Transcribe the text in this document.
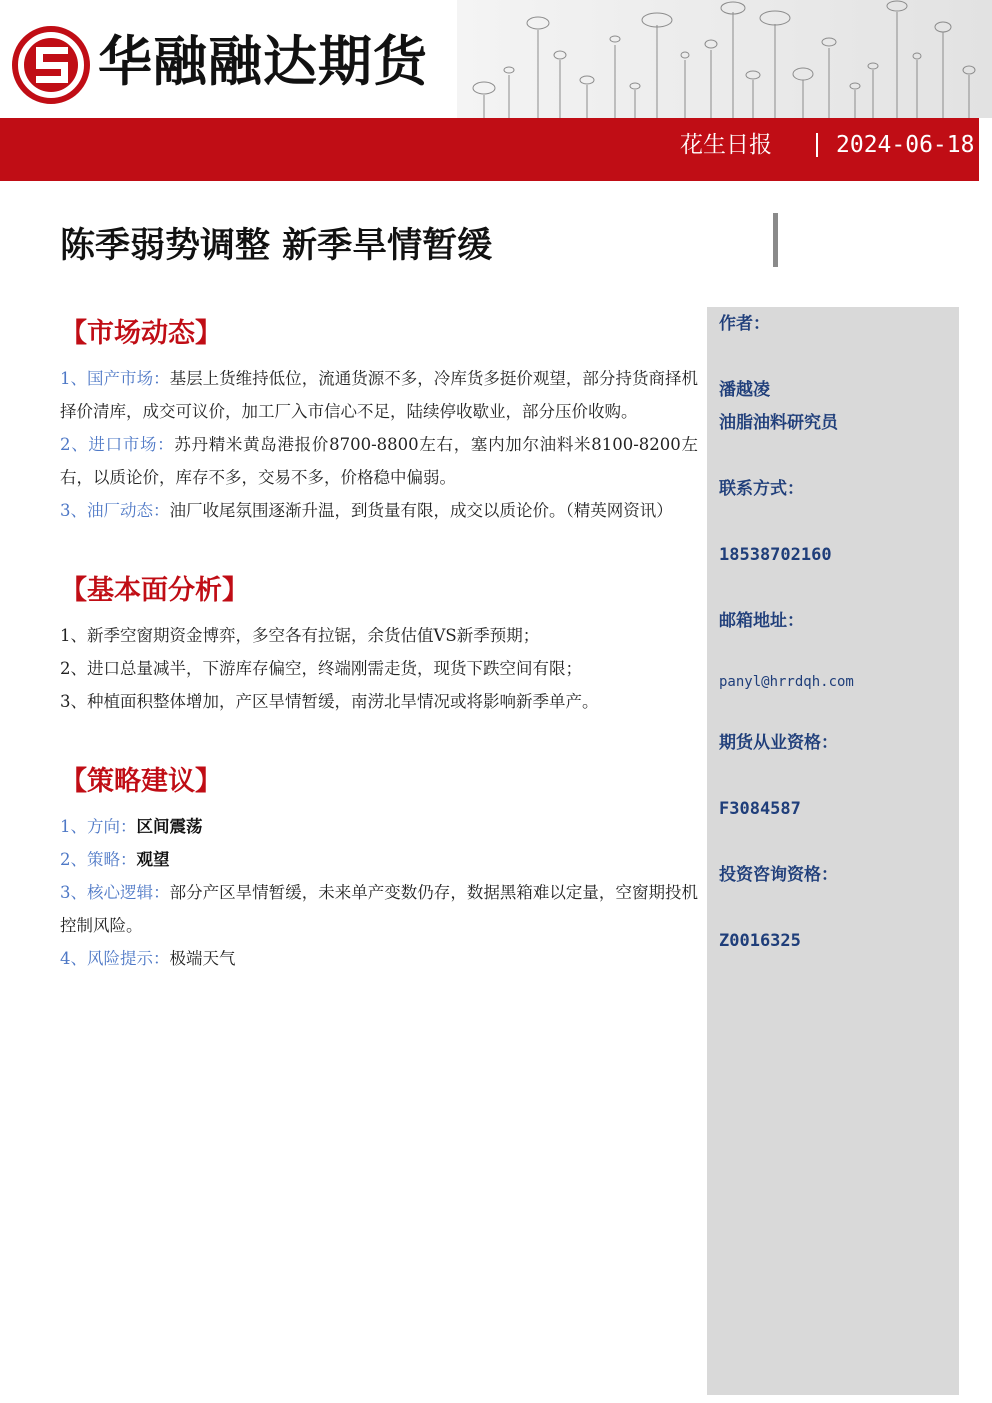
华融融达期货
花生日报	2024-06-18
陈季弱势调整 新季旱情暂缓
【市场动态】

1、国产市场：基层上货维持低位，流通货源不多，冷库货多挺价观望，部分持货商择机择价清库，成交可议价，加工厂入市信心不足，陆续停收歇业，部分压价收购。

2、进口市场：苏丹精米黄岛港报价8700-8800左右，塞内加尔油料米8100-8200左右，以质论价，库存不多，交易不多，价格稳中偏弱。

3、油厂动态：油厂收尾氛围逐渐升温，到货量有限，成交以质论价。（精英网资讯）

【基本面分析】

1、新季空窗期资金博弈，多空各有拉锯，余货估值VS新季预期；

2、进口总量减半，下游库存偏空，终端刚需走货，现货下跌空间有限；

3、种植面积整体增加，产区旱情暂缓，南涝北旱情况或将影响新季单产。

【策略建议】

1、方向：区间震荡

2、策略：观望

3、核心逻辑：部分产区旱情暂缓，未来单产变数仍存，数据黑箱难以定量，空窗期投机控制风险。

4、风险提示：极端天气

作者：

潘越凌

油脂油料研究员

联系方式：

18538702160

邮箱地址：

panyl@hrrdqh.com

期货从业资格：

F3084587

投资咨询资格：

Z0016325
